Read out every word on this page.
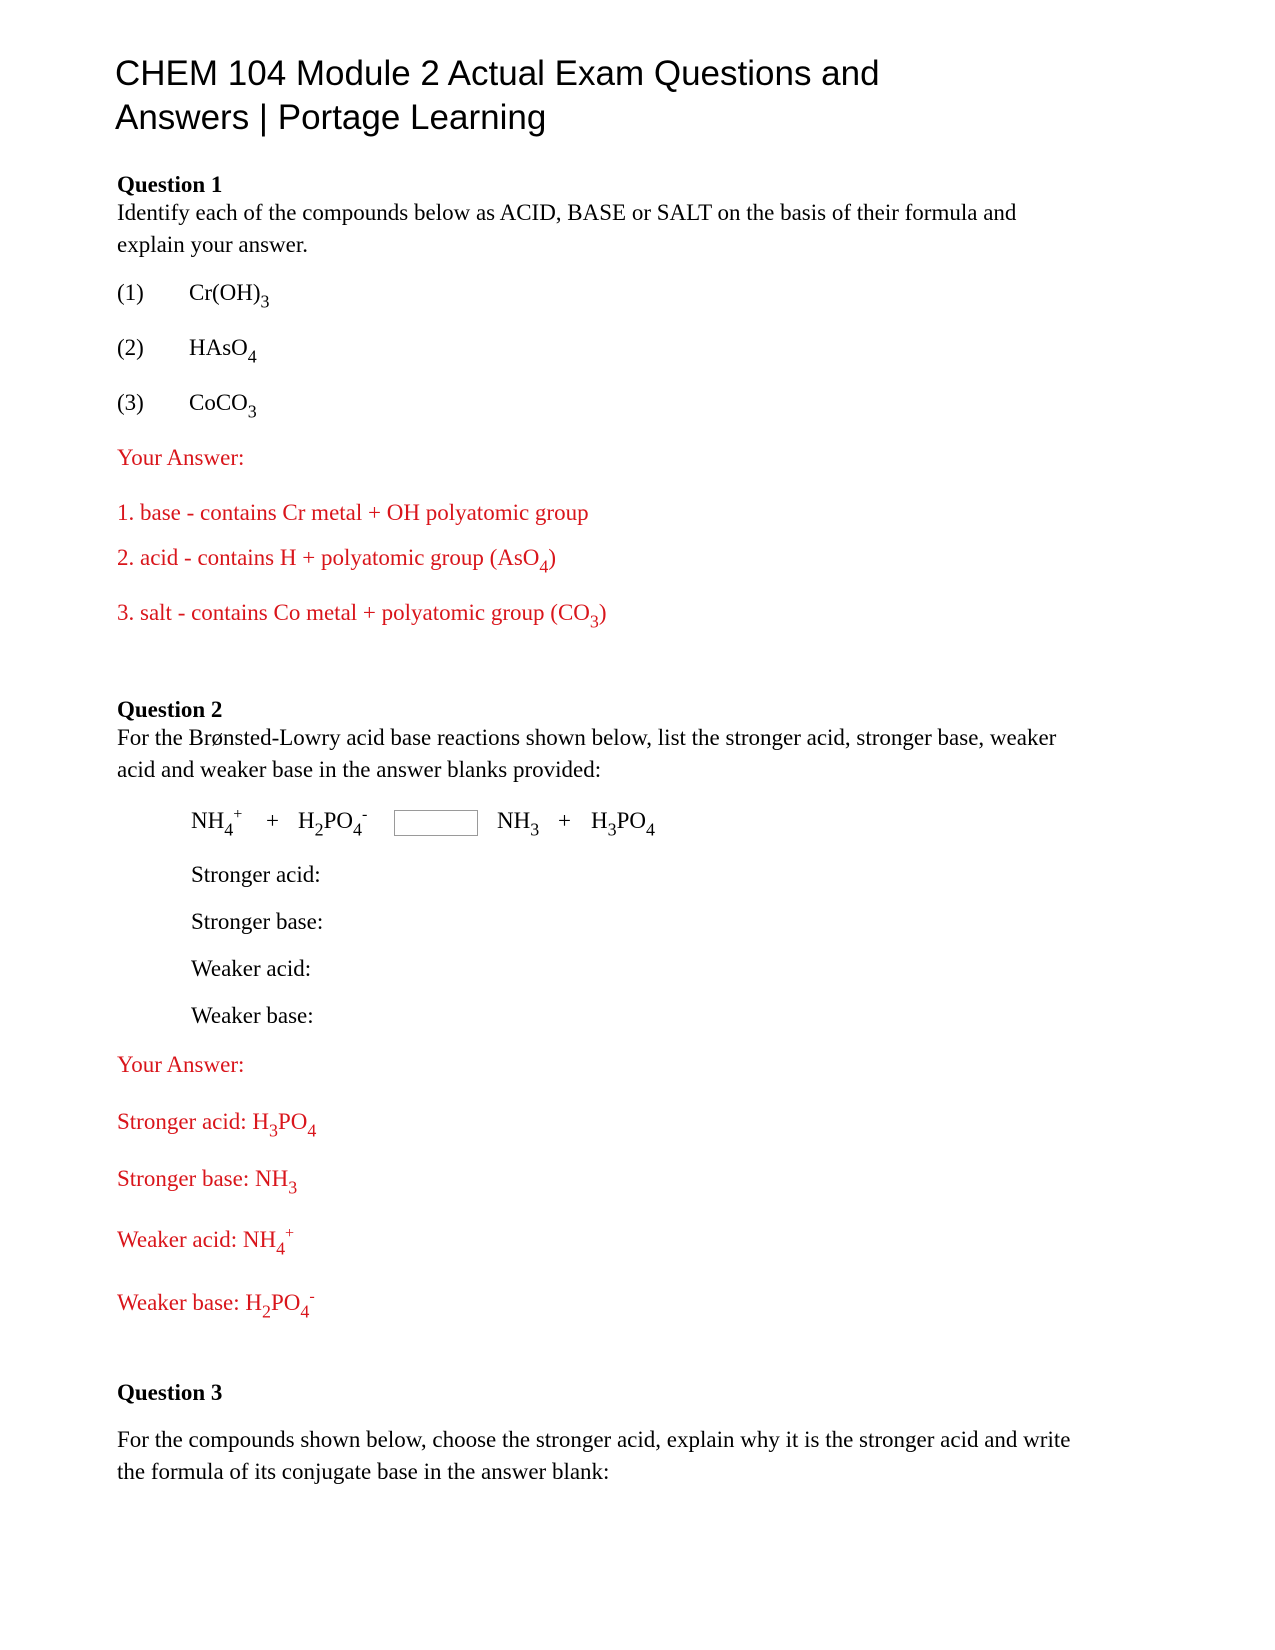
CHEM 104 Module 2 Actual Exam Questions and
Answers | Portage Learning
Question 1
Identify each of the compounds below as ACID, BASE or SALT on the basis of their formula and
explain your answer.
(1) $Cr(OH)_3$
(2) HAsO$_4$
(3) CoCO$_3$
Your Answer:
1. base - contains Cr metal + OH polyatomic group
2. acid - contains H + polyatomic group (AsO$_4$)
3. salt - contains Co metal + polyatomic group $(CO_3)$
Question 2
For the Brønsted-Lowry acid base reactions shown below, list the stronger acid, stronger base, weaker
acid and weaker base in the answer blanks provided:
$NH_4^+ + H_2PO_4^-$	$NH_3 + H_3PO_4$
Stronger acid:
Stronger base:
Weaker acid:
Weaker base:
Your Answer:
Stronger acid: $H_3PO_4$
Stronger base: $NH_3$
Weaker acid: $NH_4^+$
Weaker base: $H_2PO_4^-$
Question 3
For the compounds shown below, choose the stronger acid, explain why it is the stronger acid and write
the formula of its conjugate base in the answer blank:
